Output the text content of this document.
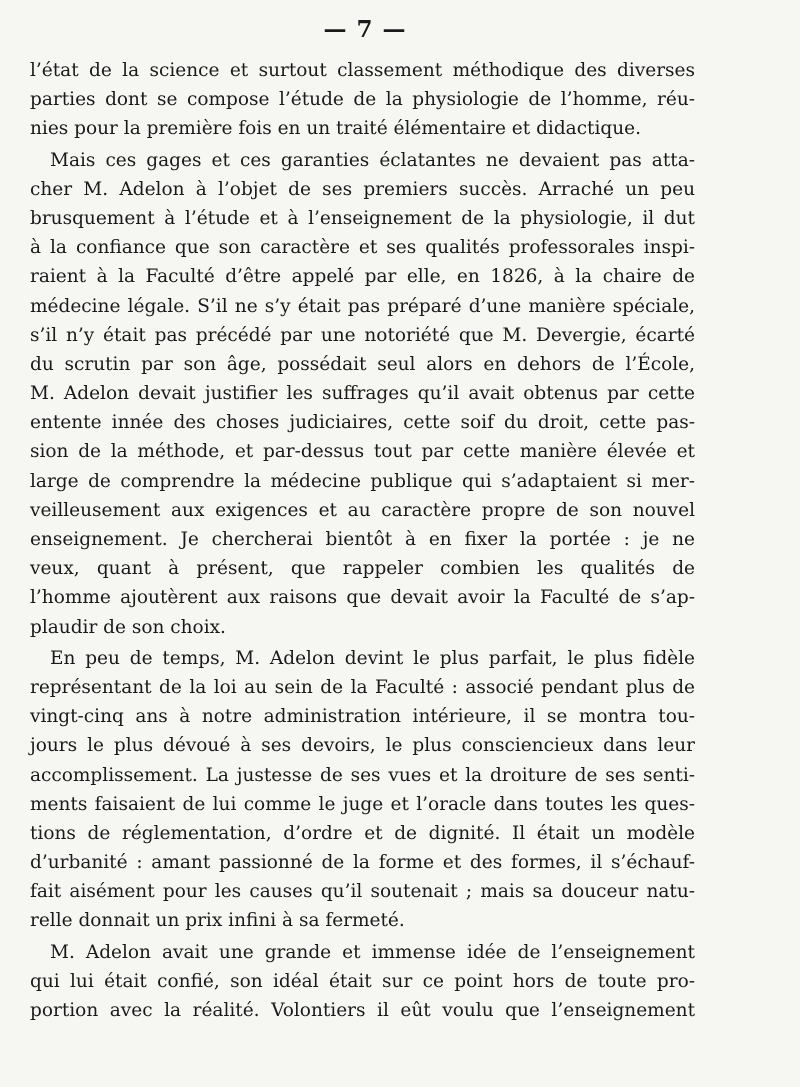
— 7 —
l’état de la science et surtout classement méthodique des diverses
parties dont se compose l’étude de la physiologie de l’homme, réu-
nies pour la première fois en un traité élémentaire et didactique.
Mais ces gages et ces garanties éclatantes ne devaient pas atta-
cher M. Adelon à l’objet de ses premiers succès. Arraché un peu
brusquement à l’étude et à l’enseignement de la physiologie, il dut
à la confiance que son caractère et ses qualités professorales inspi-
raient à la Faculté d’être appelé par elle, en 1826, à la chaire de
médecine légale. S’il ne s’y était pas préparé d’une manière spéciale,
s’il n’y était pas précédé par une notoriété que M. Devergie, écarté
du scrutin par son âge, possédait seul alors en dehors de l’École,
M. Adelon devait justifier les suffrages qu’il avait obtenus par cette
entente innée des choses judiciaires, cette soif du droit, cette pas-
sion de la méthode, et par-dessus tout par cette manière élevée et
large de comprendre la médecine publique qui s’adaptaient si mer-
veilleusement aux exigences et au caractère propre de son nouvel
enseignement. Je chercherai bientôt à en fixer la portée : je ne
veux, quant à présent, que rappeler combien les qualités de
l’homme ajoutèrent aux raisons que devait avoir la Faculté de s’ap-
plaudir de son choix.
En peu de temps, M. Adelon devint le plus parfait, le plus fidèle
représentant de la loi au sein de la Faculté : associé pendant plus de
vingt-cinq ans à notre administration intérieure, il se montra tou-
jours le plus dévoué à ses devoirs, le plus consciencieux dans leur
accomplissement. La justesse de ses vues et la droiture de ses senti-
ments faisaient de lui comme le juge et l’oracle dans toutes les ques-
tions de réglementation, d’ordre et de dignité. Il était un modèle
d’urbanité : amant passionné de la forme et des formes, il s’échauf-
fait aisément pour les causes qu’il soutenait ; mais sa douceur natu-
relle donnait un prix infini à sa fermeté.
M. Adelon avait une grande et immense idée de l’enseignement
qui lui était confié, son idéal était sur ce point hors de toute pro-
portion avec la réalité. Volontiers il eût voulu que l’enseignement
